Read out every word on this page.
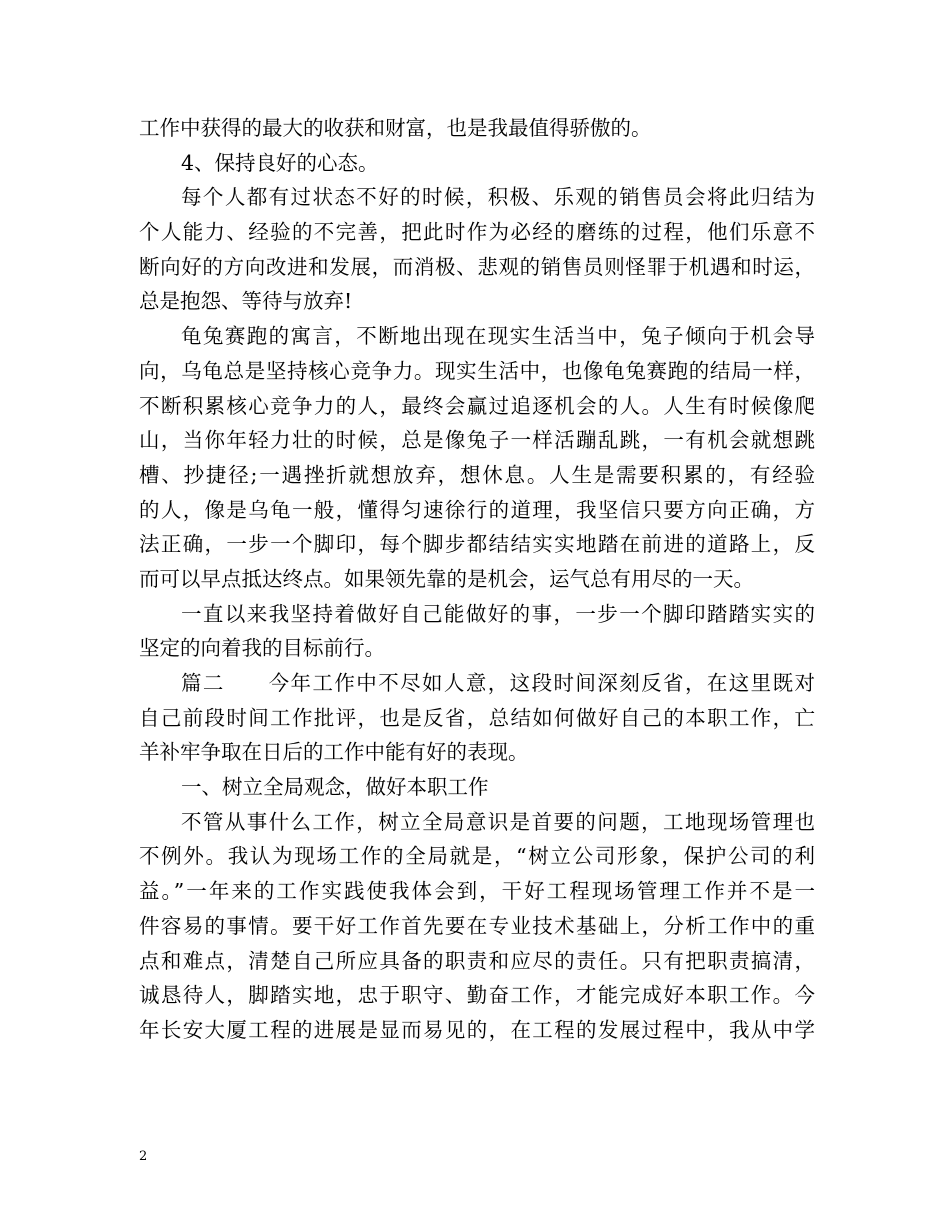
工作中获得的最大的收获和财富，也是我最值得骄傲的。
4、保持良好的心态。
每个人都有过状态不好的时候，积极、乐观的销售员会将此归结为
个人能力、经验的不完善，把此时作为必经的磨练的过程，他们乐意不
断向好的方向改进和发展，而消极、悲观的销售员则怪罪于机遇和时运，
总是抱怨、等待与放弃!
龟兔赛跑的寓言，不断地出现在现实生活当中，兔子倾向于机会导
向，乌龟总是坚持核心竞争力。现实生活中，也像龟兔赛跑的结局一样，
不断积累核心竞争力的人，最终会赢过追逐机会的人。人生有时候像爬
山，当你年轻力壮的时候，总是像兔子一样活蹦乱跳，一有机会就想跳
槽、抄捷径;一遇挫折就想放弃，想休息。人生是需要积累的，有经验
的人，像是乌龟一般，懂得匀速徐行的道理，我坚信只要方向正确，方
法正确，一步一个脚印，每个脚步都结结实实地踏在前进的道路上，反
而可以早点抵达终点。如果领先靠的是机会，运气总有用尽的一天。
一直以来我坚持着做好自己能做好的事，一步一个脚印踏踏实实的
坚定的向着我的目标前行。
篇二　　今年工作中不尽如人意，这段时间深刻反省，在这里既对
自己前段时间工作批评，也是反省，总结如何做好自己的本职工作，亡
羊补牢争取在日后的工作中能有好的表现。
一、树立全局观念，做好本职工作
不管从事什么工作，树立全局意识是首要的问题，工地现场管理也
不例外。我认为现场工作的全局就是，“树立公司形象，保护公司的利
益。”一年来的工作实践使我体会到，干好工程现场管理工作并不是一
件容易的事情。要干好工作首先要在专业技术基础上，分析工作中的重
点和难点，清楚自己所应具备的职责和应尽的责任。只有把职责搞清，
诚恳待人，脚踏实地，忠于职守、勤奋工作，才能完成好本职工作。今
年长安大厦工程的进展是显而易见的，在工程的发展过程中，我从中学
2
